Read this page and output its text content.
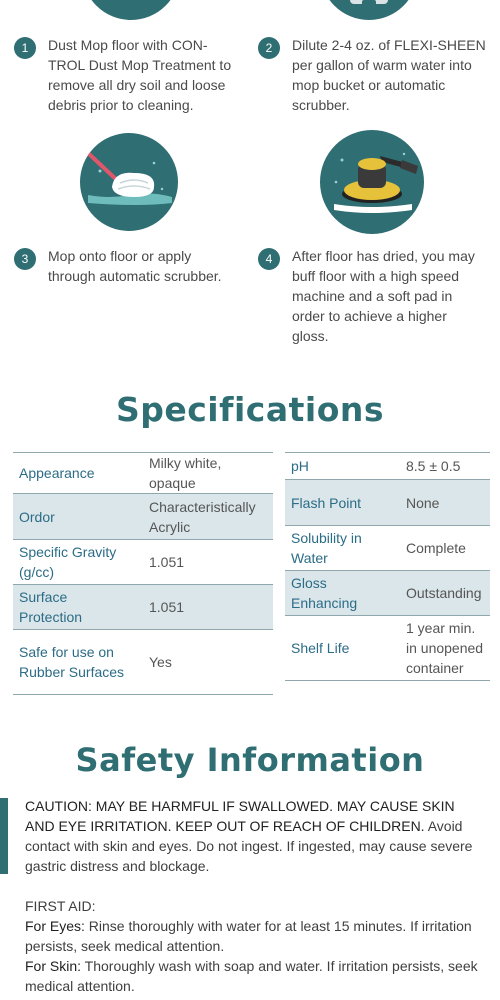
1	Dust Mop floor with CON-
TROL Dust Mop Treatment to
remove all dry soil and loose
debris prior to cleaning.
2	Dilute 2-4 oz. of FLEXI-SHEEN
per gallon of warm water into
mop bucket or automatic
scrubber.
3	Mop onto floor or apply
through automatic scrubber.
4	After floor has dried, you may
buff floor with a high speed
machine and a soft pad in
order to achieve a higher
gloss.
Specifications
Appearance	Milky white, opaque
Ordor	Characteristically
Acrylic
Specific Gravity
(g/cc)	1.051
Surface
Protection	1.051
Safe for use on
Rubber Surfaces	Yes
pH	8.5 ± 0.5
Flash Point	None
Solubility in
Water	Complete
Gloss
Enhancing	Outstanding
Shelf Life	1 year min.
in unopened
container
Safety Information
CAUTION: MAY BE HARMFUL IF SWALLOWED. MAY CAUSE SKIN AND EYE IRRITATION. KEEP OUT OF REACH OF CHILDREN. Avoid contact with skin and eyes. Do not ingest. If ingested, may cause severe gastric distress and blockage.
FIRST AID:
For Eyes: Rinse thoroughly with water for at least 15 minutes. If irritation persists, seek medical attention.
For Skin: Thoroughly wash with soap and water. If irritation persists, seek medical attention.
